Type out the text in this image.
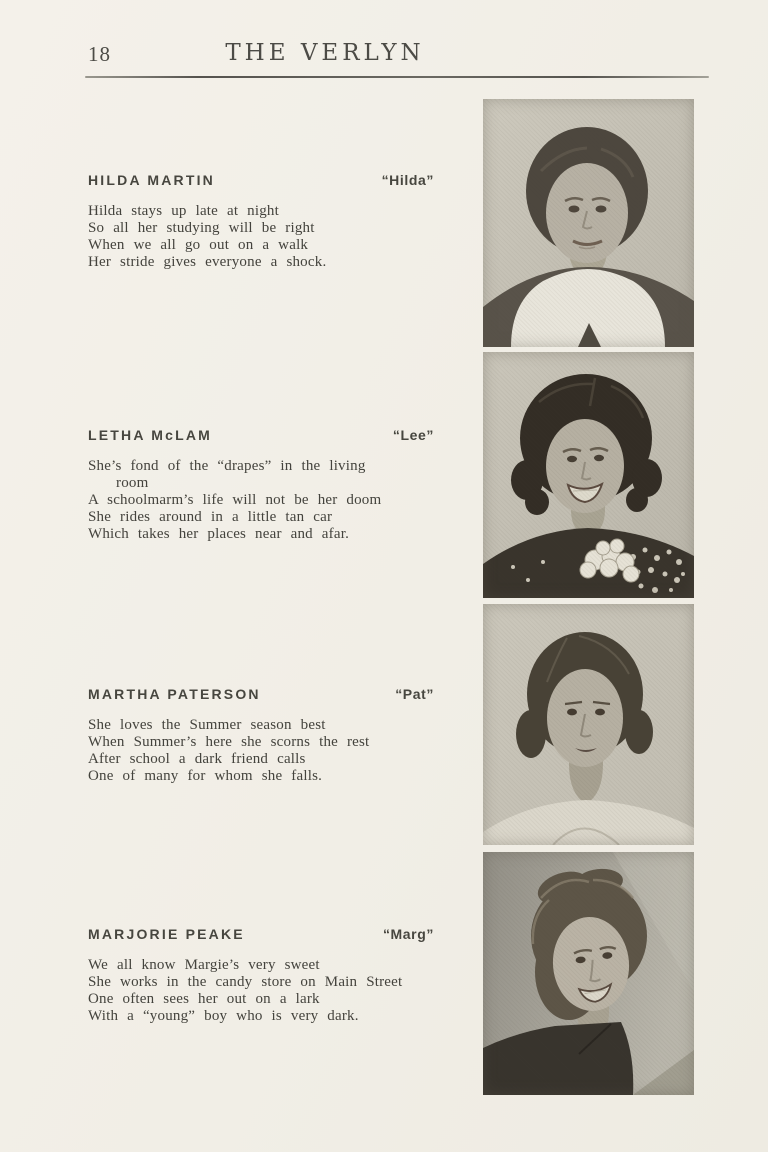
18	THE VERLYN
HILDA MARTIN	“Hilda”
Hilda stays up late at night
So all her studying will be right
When we all go out on a walk
Her stride gives everyone a shock.
LETHA McLAM	“Lee”
She’s fond of the “drapes” in the living
room
A schoolmarm’s life will not be her doom
She rides around in a little tan car
Which takes her places near and afar.
MARTHA PATERSON	“Pat”
She loves the Summer season best
When Summer’s here she scorns the rest
After school a dark friend calls
One of many for whom she falls.
MARJORIE PEAKE	“Marg”
We all know Margie’s very sweet
She works in the candy store on Main Street
One often sees her out on a lark
With a “young” boy who is very dark.
